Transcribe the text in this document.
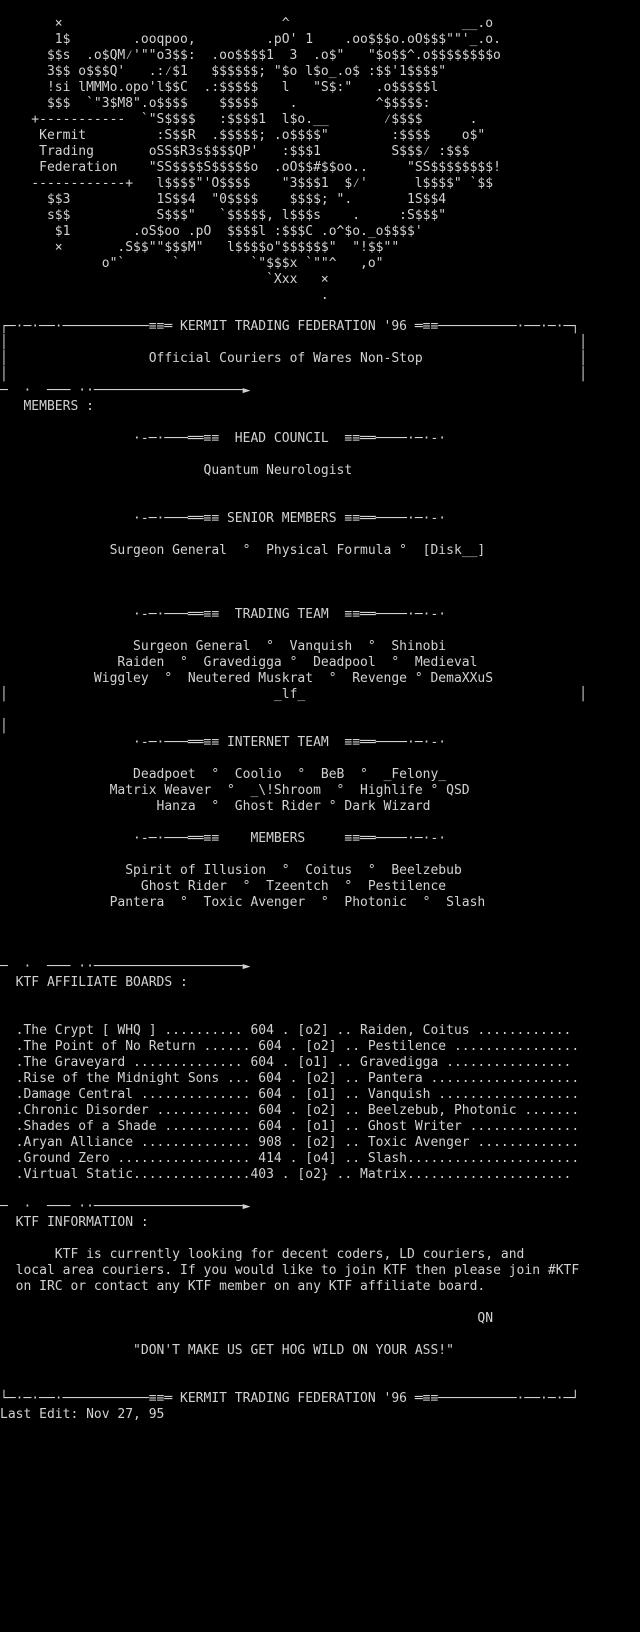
×                            ^                      __.o
1$        .ooqpoo,         .pO' 1    .oo$$$o.oO$$$""'_.o.
$$s  .o$QM⁄'""o3$$:  .oo$$$$1  3  .o$"   "$o$$^.o$$$$$$$$o
3$$ o$$$Q'   .:⁄$1   $$$$$$; "$o l$o_.o$ :$$'1$$$$"
!si lMMMo.opo'l$$C  .:$$$$$   l   "S$:"   .o$$$$$l
$$$  `"3$M8".o$$$$    $$$$$    .          ^$$$$$:
+-----------  `"S$$$$   :$$$$1  l$o.__       ⁄$$$$      .
Kermit         :S$$R  .$$$$$; .o$$$$"        :$$$$    o$"
Trading       oSS$R3s$$$$QP'   :$$$1         S$$$⁄ :$$$
Federation    "SS$$$$S$$$$$o  .oO$$#$$oo..     "SS$$$$$$$$!
------------+   l$$$$"'O$$$$    "3$$$1  $⁄'      l$$$$" `$$
$$3           1S$$4  "0$$$$    $$$$; ".       1S$$4
s$$           S$$$"   `$$$$$, l$$$s    .     :S$$$"
$1        .oS$oo .pO  $$$$l :$$$C .o^$o._o$$$$'
×       .S$$""$$$M"   l$$$$o"$$$$$$"  "!$$""
o"`      `         `"$$$x `""^   ,o"
`Xxx   ×
.
┌─·─·──·───────────≡≡═ KERMIT TRADING FEDERATION '96 ═≡≡──────────·──·─·─┐
│                                                                         │
│                  Official Couriers of Wares Non-Stop                    │
│                                                                         │
─  ·  ─── ··───────────────────►
MEMBERS :
·-─·───══≡≡  HEAD COUNCIL  ≡≡══────·─·-·
Quantum Neurologist
·-─·───══≡≡ SENIOR MEMBERS ≡≡══────·─·-·
Surgeon General  °  Physical Formula °  [Disk__]
·-─·───══≡≡  TRADING TEAM  ≡≡══────·─·-·
Surgeon General  °  Vanquish  °  Shinobi
Raiden  °  Gravedigga °  Deadpool  °  Medieval
Wiggley  °  Neutered Muskrat  °  Revenge ° DemaXXuS
│                                  _lf_                                   │
│
·-─·───══≡≡ INTERNET TEAM  ≡≡══────·─·-·
Deadpoet  °  Coolio  °  BeB  °  _Felony_
Matrix Weaver  °  _\!Shroom  °  Highlife ° QSD
Hanza  °  Ghost Rider ° Dark Wizard
·-─·───══≡≡    MEMBERS     ≡≡══────·─·-·
Spirit of Illusion  °  Coitus  °  Beelzebub
Ghost Rider  °  Tzeentch  °  Pestilence
Pantera  °  Toxic Avenger  °  Photonic  °  Slash
─  ·  ─── ··───────────────────►
KTF AFFILIATE BOARDS :
.The Crypt [ WHQ ] .......... 604 . [o2] .. Raiden, Coitus ............
.The Point of No Return ...... 604 . [o2] .. Pestilence ................
.The Graveyard .............. 604 . [o1] .. Gravedigga ................
.Rise of the Midnight Sons ... 604 . [o2] .. Pantera ...................
.Damage Central .............. 604 . [o1] .. Vanquish ..................
.Chronic Disorder ............ 604 . [o2] .. Beelzebub, Photonic .......
.Shades of a Shade ........... 604 . [o1] .. Ghost Writer ..............
.Aryan Alliance .............. 908 . [o2] .. Toxic Avenger .............
.Ground Zero ................. 414 . [o4] .. Slash......................
.Virtual Static...............403 . [o2} .. Matrix.....................
─  ·  ─── ··───────────────────►
KTF INFORMATION :
KTF is currently looking for decent coders, LD couriers, and
local area couriers. If you would like to join KTF then please join #KTF
on IRC or contact any KTF member on any KTF affiliate board.
QN
"DON'T MAKE US GET HOG WILD ON YOUR ASS!"
└─·─·──·───────────≡≡═ KERMIT TRADING FEDERATION '96 ═≡≡──────────·──·─·─┘
Last Edit: Nov 27, 95
